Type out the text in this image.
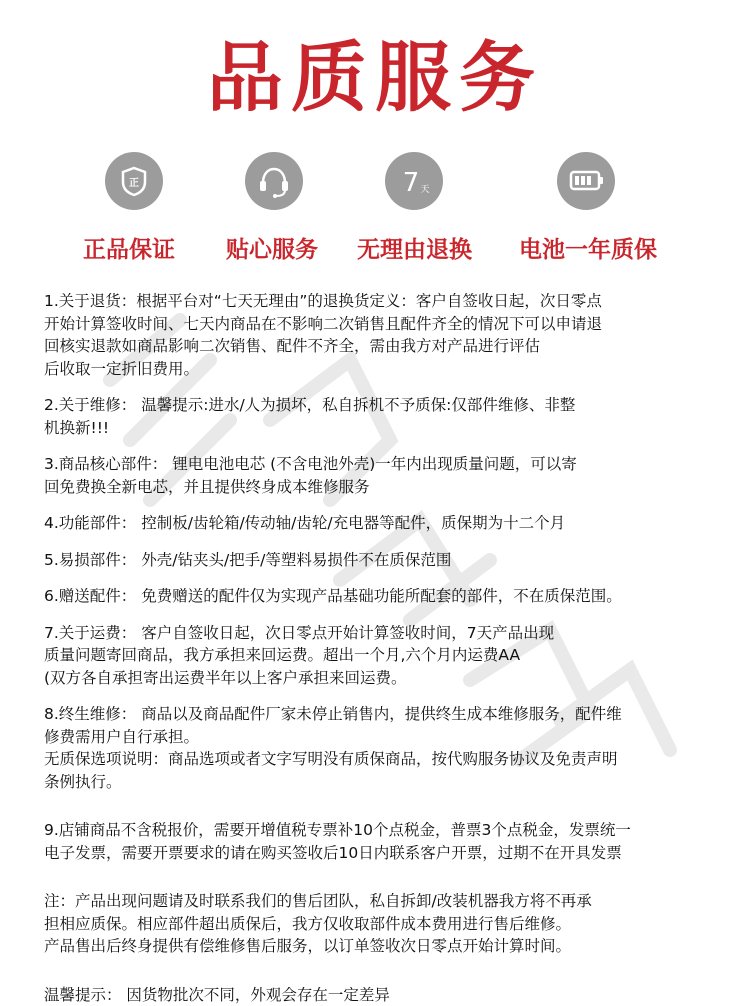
品质服务
正	7 天
正品保证 贴心服务 无理由退换 电池一年质保

1.关于退货：根据平台对“七天无理由”的退换货定义：客户自签收日起，次日零点

开始计算签收时间、七天内商品在不影响二次销售且配件齐全的情况下可以申请退

回核实退款如商品影响二次销售、配件不齐全，需由我方对产品进行评估

后收取一定折旧费用。

2.关于维修： 温馨提示:进水/人为损坏，私自拆机不予质保:仅部件维修、非整

机换新!!!

3.商品核心部件： 锂电电池电芯 (不含电池外壳)一年内出现质量问题，可以寄

回免费换全新电芯，并且提供终身成本维修服务

4.功能部件： 控制板/齿轮箱/传动轴/齿轮/充电器等配件，质保期为十二个月

5.易损部件： 外壳/钻夹头/把手/等塑料易损件不在质保范围

6.赠送配件： 免费赠送的配件仅为实现产品基础功能所配套的部件，不在质保范围。

7.关于运费： 客户自签收日起，次日零点开始计算签收时间，7天产品出现

质量问题寄回商品，我方承担来回运费。超出一个月,六个月内运费AA

(双方各自承担寄出运费半年以上客户承担来回运费。

8.终生维修： 商品以及商品配件厂家未停止销售内，提供终生成本维修服务，配件维

修费需用户自行承担。

无质保选项说明：商品选项或者文字写明没有质保商品，按代购服务协议及免责声明

条例执行。

9.店铺商品不含税报价，需要开增值税专票补10个点税金，普票3个点税金，发票统一

电子发票，需要开票要求的请在购买签收后10日内联系客户开票，过期不在开具发票

注：产品出现问题请及时联系我们的售后团队，私自拆卸/改装机器我方将不再承

担相应质保。相应部件超出质保后，我方仅收取部件成本费用进行售后维修。

产品售出后终身提供有偿维修售后服务，以订单签收次日零点开始计算时间。

温馨提示： 因货物批次不同，外观会存在一定差异
